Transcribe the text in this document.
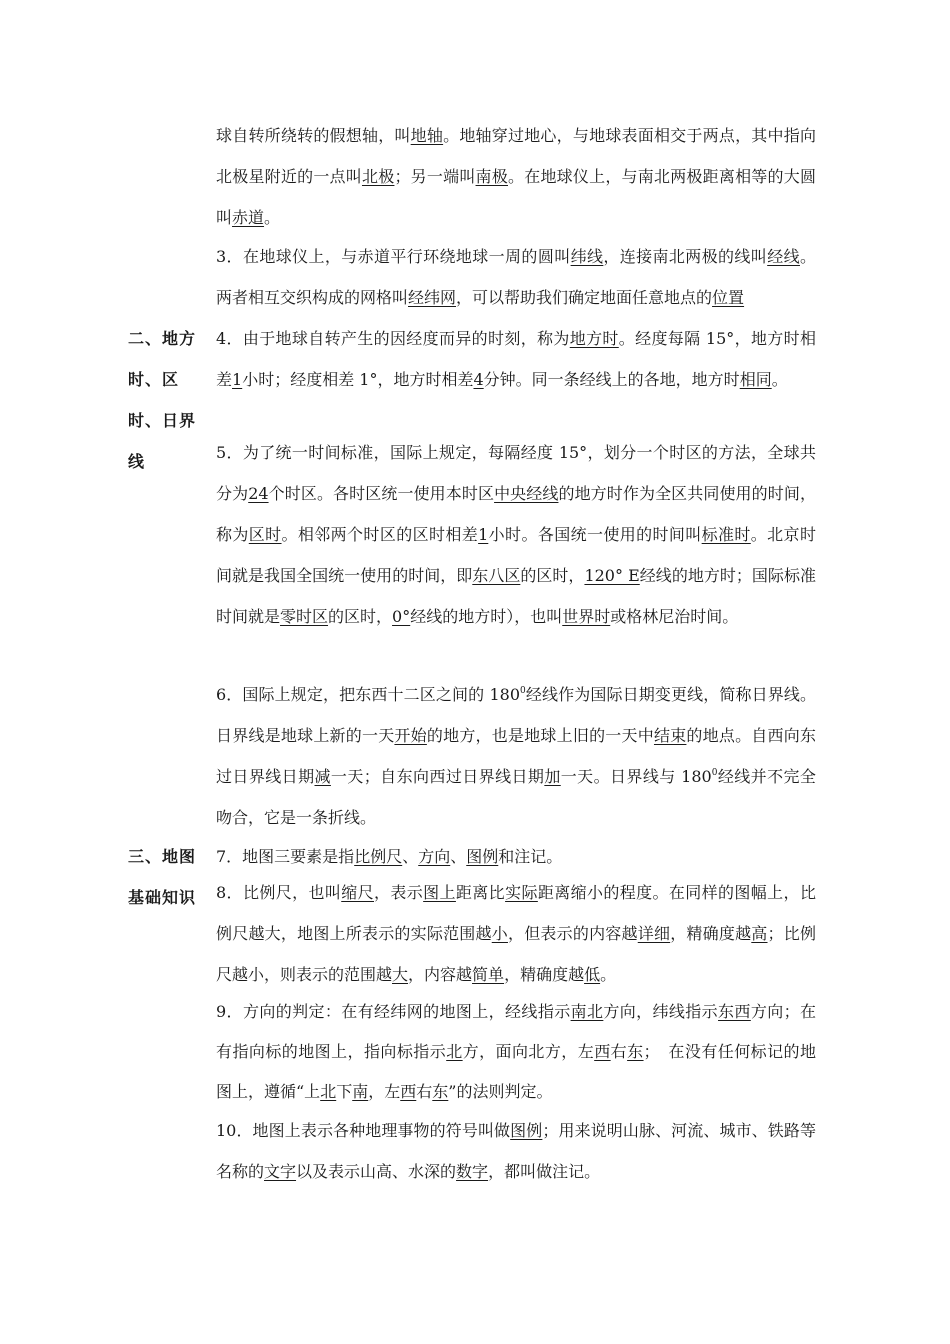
二、地方
时、区
时、日界
线
三、地图
基础知识
球自转所绕转的假想轴，叫地轴。地轴穿过地心，与地球表面相交于两点，其中指向北极星附近的一点叫北极；另一端叫南极。在地球仪上，与南北两极距离相等的大圆叫赤道。
3．在地球仪上，与赤道平行环绕地球一周的圆叫纬线，连接南北两极的线叫经线。两者相互交织构成的网格叫经纬网，可以帮助我们确定地面任意地点的位置
4．由于地球自转产生的因经度而异的时刻，称为地方时。经度每隔 15°，地方时相差1小时；经度相差 1°，地方时相差4分钟。同一条经线上的各地，地方时相同。
5．为了统一时间标准，国际上规定，每隔经度 15°，划分一个时区的方法，全球共分为24个时区。各时区统一使用本时区中央经线的地方时作为全区共同使用的时间，称为区时。相邻两个时区的区时相差1小时。各国统一使用的时间叫标准时。北京时间就是我国全国统一使用的时间，即东八区的区时，120° E经线的地方时；国际标准时间就是零时区的区时，0°经线的地方时），也叫世界时或格林尼治时间。
6．国际上规定，把东西十二区之间的 $180^0$经线作为国际日期变更线，简称日界线。日界线是地球上新的一天开始的地方，也是地球上旧的一天中结束的地点。自西向东过日界线日期减一天；自东向西过日界线日期加一天。日界线与 $180^0$经线并不完全吻合，它是一条折线。
7．地图三要素是指比例尺、方向、图例和注记。
8．比例尺，也叫缩尺，表示图上距离比实际距离缩小的程度。在同样的图幅上，比例尺越大，地图上所表示的实际范围越小，但表示的内容越详细，精确度越高；比例尺越小，则表示的范围越大，内容越简单，精确度越低。
9．方向的判定：在有经纬网的地图上，经线指示南北方向，纬线指示东西方向；在有指向标的地图上，指向标指示北方，面向北方，左西右东；　在没有任何标记的地图上，遵循“上北下南，左西右东”的法则判定。
10．地图上表示各种地理事物的符号叫做图例；用来说明山脉、河流、城市、铁路等名称的文字以及表示山高、水深的数字，都叫做注记。
